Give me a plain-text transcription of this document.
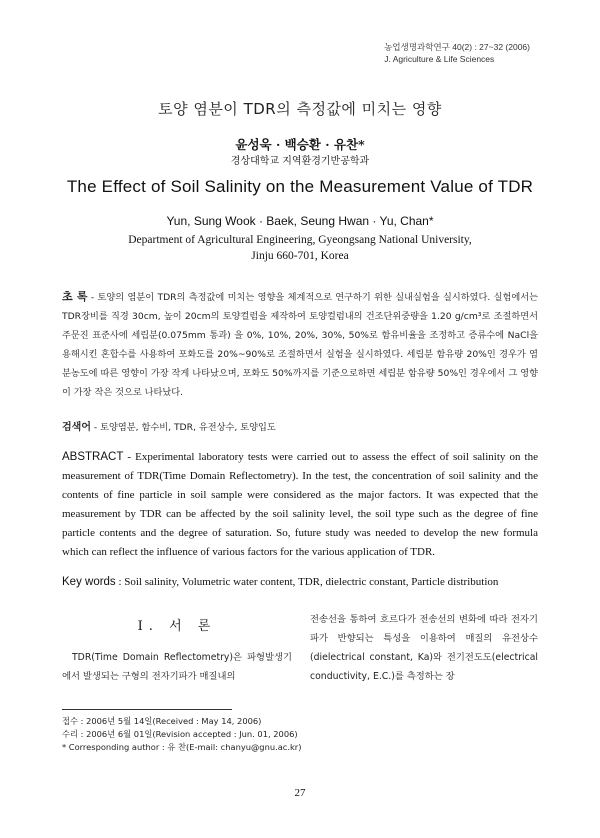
농업생명과학연구 40(2) : 27~32 (2006)
J. Agriculture & Life Sciences
토양 염분이 TDR의 측정값에 미치는 영향
윤성욱 · 백승환 · 유찬*
경상대학교 지역환경기반공학과
The Effect of Soil Salinity on the Measurement Value of TDR
Yun, Sung Wook · Baek, Seung Hwan · Yu, Chan*
Department of Agricultural Engineering, Gyeongsang National University,
Jinju 660-701, Korea
초 록 - 토양의 염분이 TDR의 측정값에 미치는 영향을 체계적으로 연구하기 위한 실내실험을 실시하였다. 실험에서는 TDR장비를 직경 30cm, 높이 20cm의 토양컬럼을 제작하여 토양컬럼내의 건조단위중량을 1.20 g/cm³로 조절하면서 주문진 표준사에 세립분(0.075mm 통과) 을 0%, 10%, 20%, 30%, 50%로 함유비율을 조정하고 증류수에 NaCl을 용해시킨 혼합수를 사용하여 포화도를 20%~90%로 조절하면서 실험을 실시하였다. 세립분 함유량 20%인 경우가 염분농도에 따른 영향이 가장 작게 나타났으며, 포화도 50%까지를 기준으로하면 세립분 함유량 50%인 경우에서 그 영향이 가장 작은 것으로 나타났다.
검색어 - 토양염분, 함수비, TDR, 유전상수, 토양입도
ABSTRACT - Experimental laboratory tests were carried out to assess the effect of soil salinity on the measurement of TDR(Time Domain Reflectometry). In the test, the concentration of soil salinity and the contents of fine particle in soil sample were considered as the major factors. It was expected that the measurement by TDR can be affected by the soil salinity level, the soil type such as the degree of fine particle contents and the degree of saturation. So, future study was needed to develop the new formula which can reflect the influence of various factors for the various application of TDR.
Key words : Soil salinity, Volumetric water content, TDR, dielectric constant, Particle distribution
I. 서 론

TDR(Time Domain Reflectometry)은 파형발생기에서 발생되는 구형의 전자기파가 매질내의

전송선을 통하여 흐르다가 전송선의 변화에 따라 전자기파가 반향되는 특성을 이용하여 매질의 유전상수(dielectrical constant, Ka)와 전기전도도(electrical conductivity, E.C.)를 측정하는 장

접수 : 2006년 5월 14일(Received : May 14, 2006)
수리 : 2006년 6월 01일(Revision accepted : Jun. 01, 2006)
* Corresponding author : 유 찬(E-mail: chanyu@gnu.ac.kr)
27
